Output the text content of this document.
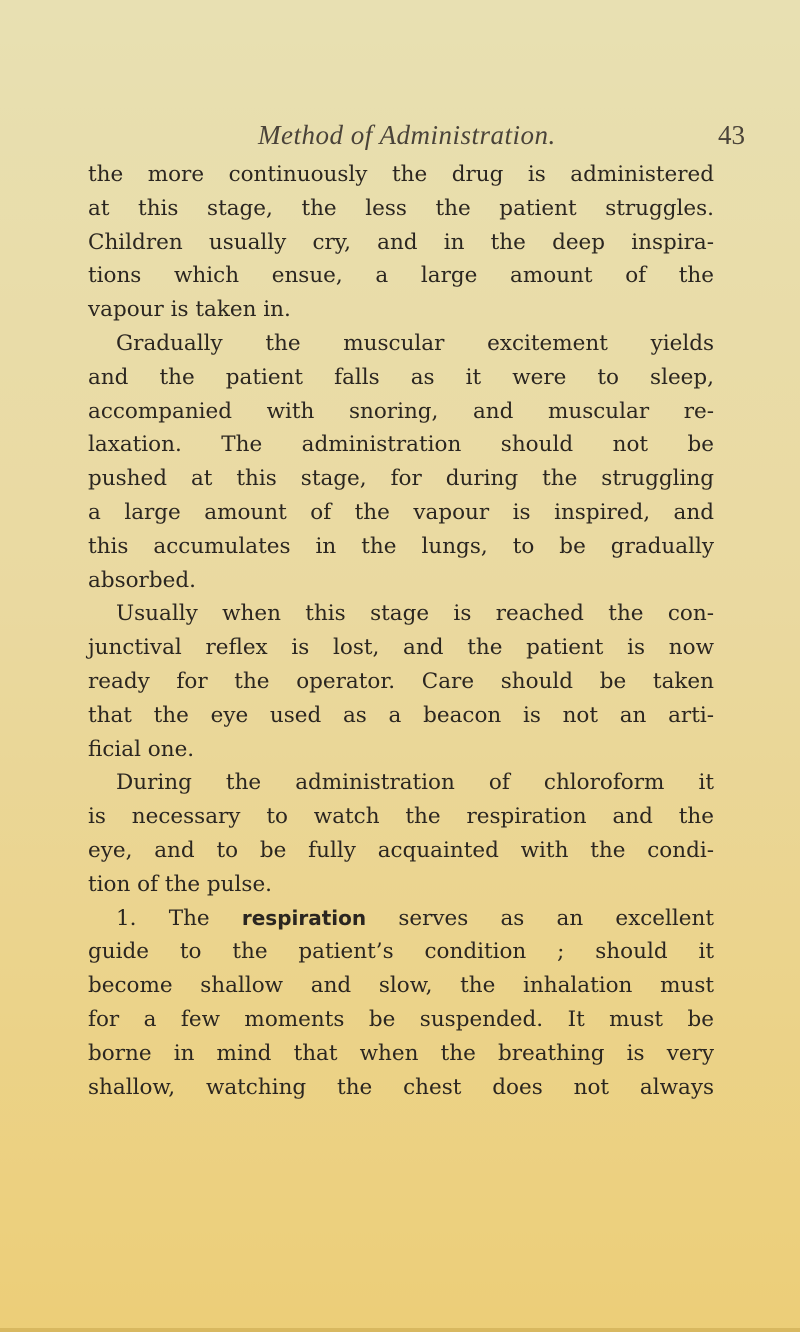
Method of Administration.	43
the more continuously the drug is administered
at this stage, the less the patient struggles.
Children usually cry, and in the deep inspira-
tions which ensue, a large amount of the
vapour is taken in.
Gradually the muscular excitement yields
and the patient falls as it were to sleep,
accompanied with snoring, and muscular re-
laxation. The administration should not be
pushed at this stage, for during the struggling
a large amount of the vapour is inspired, and
this accumulates in the lungs, to be gradually
absorbed.
Usually when this stage is reached the con-
junctival reflex is lost, and the patient is now
ready for the operator. Care should be taken
that the eye used as a beacon is not an arti-
ficial one.
During the administration of chloroform it
is necessary to watch the respiration and the
eye, and to be fully acquainted with the condi-
tion of the pulse.
1. The respiration serves as an excellent
guide to the patient’s condition ; should it
become shallow and slow, the inhalation must
for a few moments be suspended. It must be
borne in mind that when the breathing is very
shallow, watching the chest does not always
